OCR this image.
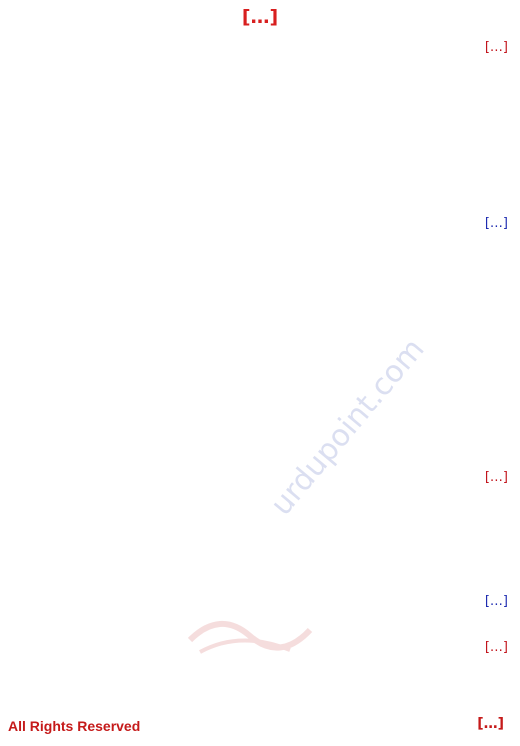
[…]
[…]
[…]
[…]
[…]
[…]
urdupoint.com
All Rights Reserved	[…]
